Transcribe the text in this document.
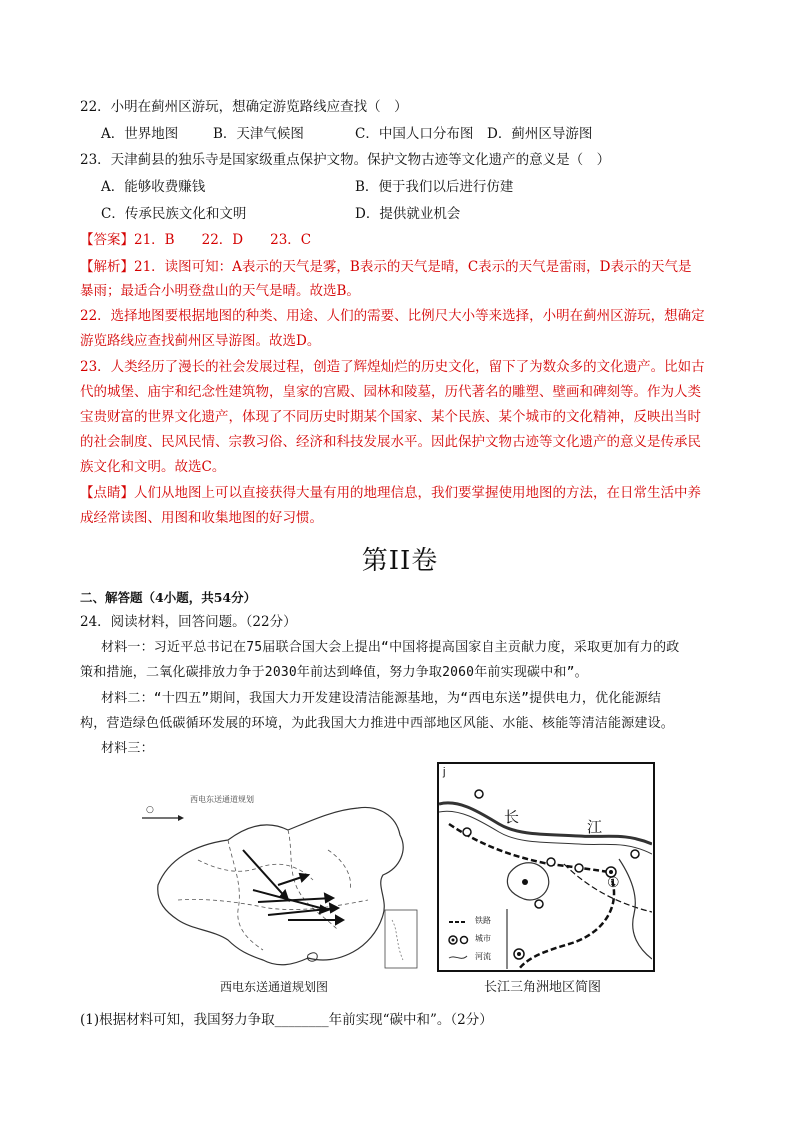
22．小明在蓟州区游玩，想确定游览路线应查找（　）
A．世界地图	B．天津气候图	C．中国人口分布图 D．蓟州区导游图
23．天津蓟县的独乐寺是国家级重点保护文物。保护文物古迹等文化遗产的意义是（　）
A．能够收费赚钱	B．便于我们以后进行仿建
C．传承民族文化和文明	D．提供就业机会
【答案】21．B　　22．D　　23．C
【解析】21．读图可知：A表示的天气是雾，B表示的天气是晴，C表示的天气是雷雨，D表示的天气是
暴雨；最适合小明登盘山的天气是晴。故选B。
22．选择地图要根据地图的种类、用途、人们的需要、比例尺大小等来选择，小明在蓟州区游玩，想确定
游览路线应查找蓟州区导游图。故选D。
23．人类经历了漫长的社会发展过程，创造了辉煌灿烂的历史文化，留下了为数众多的文化遗产。比如古
代的城堡、庙宇和纪念性建筑物，皇家的宫殿、园林和陵墓，历代著名的雕塑、壁画和碑刻等。作为人类
宝贵财富的世界文化遗产，体现了不同历史时期某个国家、某个民族、某个城市的文化精神，反映出当时
的社会制度、民风民情、宗教习俗、经济和科技发展水平。因此保护文物古迹等文化遗产的意义是传承民
族文化和文明。故选C。
【点睛】人们从地图上可以直接获得大量有用的地理信息，我们要掌握使用地图的方法，在日常生活中养
成经常读图、用图和收集地图的好习惯。
第II卷
二、解答题（4小题，共54分）
24．阅读材料，回答问题。（22分）
材料一：习近平总书记在75届联合国大会上提出“中国将提高国家自主贡献力度，采取更加有力的政
策和措施，二氧化碳排放力争于2030年前达到峰值，努力争取2060年前实现碳中和”。
材料二：“十四五”期间，我国大力开发建设清洁能源基地，为“西电东送”提供电力，优化能源结
构，营造绿色低碳循环发展的环境，为此我国大力推进中西部地区风能、水能、核能等清洁能源建设。
材料三：
○
西电东送通道规划
西电东送通道规划图
j
长
江
①
铁路
城市
河流
长江三角洲地区简图
(1)根据材料可知，我国努力争取________年前实现“碳中和”。（2分）
